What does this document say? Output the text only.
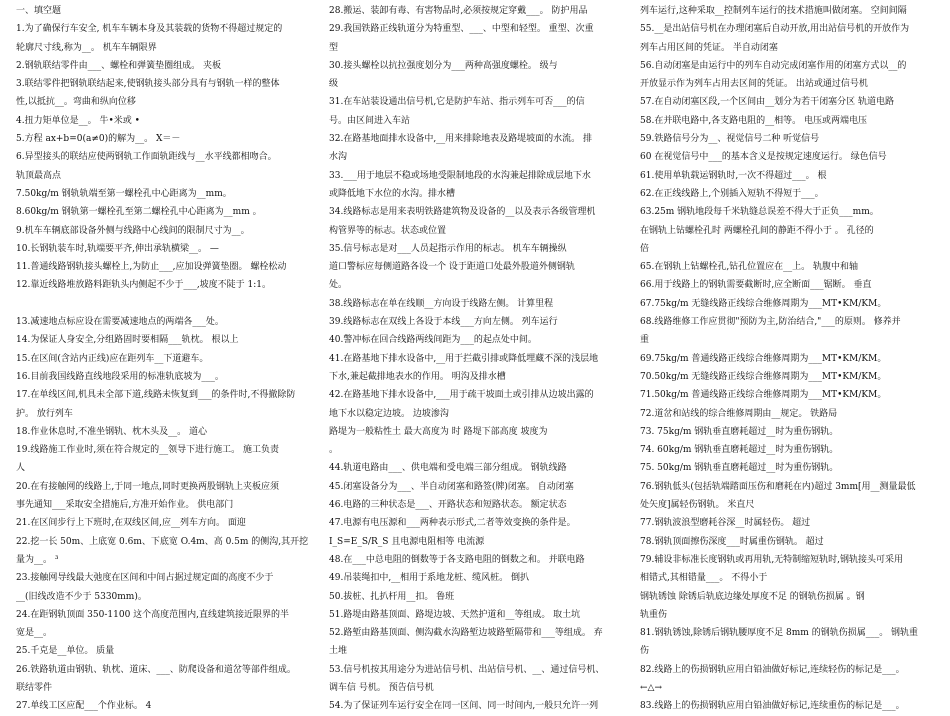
一、填空题
1.为了确保行车安全, 机车车辆本身及其装载的货物不得超过规定的
轮廓尺寸线,称为__。 机车车辆限界
2.钢轨联结零件由___、螺栓和弹簧垫圈组成。 夹板
3.联结零件把钢轨联结起来,使钢轨接头部分具有与钢轨一样的整体
性,以抵抗__。弯曲和纵向位移
4.扭力矩单位是__。 牛•米或 •
5.方程 ax+b=0(a≠0)的解为__。 X＝－
6.异型接头的联结应使两钢轨工作面轨距线与__水平线都相吻合。
轨顶最高点
7.50kg/m 钢轨轨端至第一螺栓孔中心距离为__mm。
8.60kg/m 钢轨第一螺栓孔至第二螺栓孔中心距离为__mm 。
9.机车车辆底部设备外侧与线路中心线间的限制尺寸为__。
10.长钢轨装车时,轨端要平齐,伸出承轨横梁__。 —
11.普通线路钢轨接头螺栓上,为防止___,应加设弹簧垫圈。 螺栓松动
12.靠近线路堆放路料距轨头内侧起不少于___,坡度不陡于 1:1。
13.减速地点标应设在需要减速地点的两端各___处。
14.为保证人身安全,分组路固时要相隔___轨枕。 根以上
15.在区间(含站内正线)应在距列车__下道避车。
16.目前我国线路直线地段采用的标准轨底坡为___。
17.在单线区间,机具未全部下道,线路未恢复到___的条件时,不得撤除防
护。 放行列车
18.作业休息时,不准坐钢轨、枕木头及__。 道心
19.线路施工作业时,须在符合规定的__领导下进行施工。 施工负责
人
20.在有接触网的线路上,于同一地点,同时更换两股钢轨上夹板应须
事先通知___采取安全措施后,方准开始作业。 供电部门
21.在区间步行上下班时,在双线区间,应__列车方向。 面迎
22.挖一长 50m、上底宽 0.6m、下底宽 O.4m、高 0.5m 的侧沟,其开挖
量为__。 ³
23.接触网导线最大弛度在区间和中间占据过规定面的高度不少于
__(旧线改造不少于 5330mm)。
24.在距钢轨顶面 350-1100 这个高度范围内,直线建筑接近限界的半
宽是__。
25.千克是__单位。 质量
26.铁路轨道由钢轨、轨枕、道床、___、防爬设备和道岔等部件组成。
联结零件
27.单线工区应配___个作业标。 4
28.搬运、装卸有毒、有害物品时,必须按规定穿戴___。 防护用品
29.我国铁路正线轨道分为特重型、___、中型和轻型。 重型、次重
型
30.接头螺栓以抗拉强度划分为___两种高强度螺栓。 级与
级
31.在车站装设通出信号机,它是防护车站、指示列车可否___的信
号。由区间进入车站
32.在路基地面排水设备中,__用来排除地表及路堤坡面的水流。 排
水沟
33.___用于地层不稳或场地受限制地段的水沟兼起排除成层地下水
或降低地下水位的水沟。排水槽
34.线路标志是用来表明铁路建筑物及设备的__以及表示各级管理机
构管界等的标志。状态或位置
35.信号标志是对___人员起指示作用的标志。 机车车辆操纵
道口警标应每侧道路各设一个 设于距道口处最外股道外侧钢轨
处。
38.线路标志在单在线顺__方向设于线路左侧。 计算里程
39.线路标志在双线上各设于本线___方向左侧。 列车运行
40.警冲标在回合线路两线间距为___的起点处中间。
41.在路基地下排水设备中,__用于拦截引排或降低埋藏不深的浅层地
下水,兼起截排地表水的作用。 明沟及排水槽
42.在路基地下排水设备中,___用于疏干坡面土或引排从边坡出露的
地下水以稳定边坡。 边坡渗沟
路堤为一般粘性土 最大高度为 时 路堤下部高度 坡度为
。
44.轨道电路由___、供电端和受电端三部分组成。 钢轨线路
45.闭塞设备分为___、半自动闭塞和路签(牌)闭塞。 自动闭塞
46.电路的三种状态是___、开路状态和短路状态。 额定状态
47.电源有电压源和___两种表示形式,二者等效变换的条件是。
I_S=E_S/R_S 且电源电阻相等 电流源
48.在___中总电阻的倒数等于各支路电阻的倒数之和。 并联电路
49.吊装绳扣中,__相用于系地龙桩、缆风桩。 倒扒
50.拔桩、扎扒杆用__扣。 鲁班
51.路堤由路基顶面、路堤边坡、天然护道和__等组成。 取土坑
52.路堑由路基顶面、侧沟截水沟路堑边坡路堑隔带和___等组成。 弃
土堆
53.信号机按其用途分为进站信号机、出站信号机、__、通过信号机、
调车信 号机。 预告信号机
54.为了保证列车运行安全在同一区间、同一时间内,一般只允许一列
列车运行,这种采取__控制列车运行的技术措施叫做闭塞。 空间间隔
55.__是出站信号机在办理闭塞后自动开放,用出站信号机的开放作为
列车占用区间的凭证。 半自动闭塞
56.自动闭塞是由运行中的列车自动完成闭塞作用的闭塞方式以__的
开放显示作为列车占用去区间的凭证。 出站或通过信号机
57.在自动闭塞区段,一个区间由__划分为若干闭塞分区 轨道电路
58.在并联电路中,各支路电阻的__相等。 电压或两端电压
59.铁路信号分为__、视觉信号二种 听觉信号
60 在视觉信号中___的基本含义是按规定速度运行。 绿色信号
61.使用单轨载运钢轨时,一次不得超过___。 根
62.在正线线路上,个别插入短轨不得短于___。
63.25m 钢轨地段每千米轨缝总误差不得大于正负___mm。
在钢轨上钻螺栓孔时 两螺栓孔间的静距不得小于 。 孔径的
倍
65.在钢轨上钻螺栓孔,钻孔位置应在__上。 轨腹中和轴
66.用于线路上的钢轨需要截断时,应全断面___锯断。 垂直
67.75kg/m 无缝线路正线综合维修周期为___MT•KM/KM。
68.线路维修工作应贯彻"预防为主,防治结合,"___的原则。 修养并
重
69.75kg/m 普通线路正线综合维修周期为___MT•KM/KM。
70.50kg/m 无缝线路正线综合维修周期为___MT•KM/KM。
71.50kg/m 普通线路正线综合维修周期为___MT•KM/KM。
72.道岔和站线的综合维修周期由__规定。 铁路局
73. 75kg/m 钢轨垂直磨耗超过__时为重伤钢轨。
74. 60kg/m 钢轨垂直磨耗超过__时为重伤钢轨。
75. 50kg/m 钢轨垂直磨耗超过__时为重伤钢轨。
76.钢轨低头(包括轨端踏面压伤和磨耗在内)超过 3mm[用__测量最低
处矢度]属轻伤钢轨。 米直尺
77.钢轨波浪型磨耗谷深__时属轻伤。 超过
78.钢轨顶面擦伤深度___时属重伤钢轨。 超过
79.辅设非标准长度钢轨或再用轨,无特制缩短轨时,钢轨接头可采用
相错式,其相错量___。 不得小于
钢轨锈蚀 除锈后轨底边缘处厚度不足 的钢轨伤损属 。钢
轨重伤
81.钢轨锈蚀,除锈后钢轨腰厚度不足 8mm 的钢轨伤损属___。 钢轨重
伤
82.线路上的伤损钢轨应用白铅油做好标记,连续轻伤的标记是___。
←△→
83.线路上的伤损钢轨应用白铅油做好标记,连续重伤的标记是___。
